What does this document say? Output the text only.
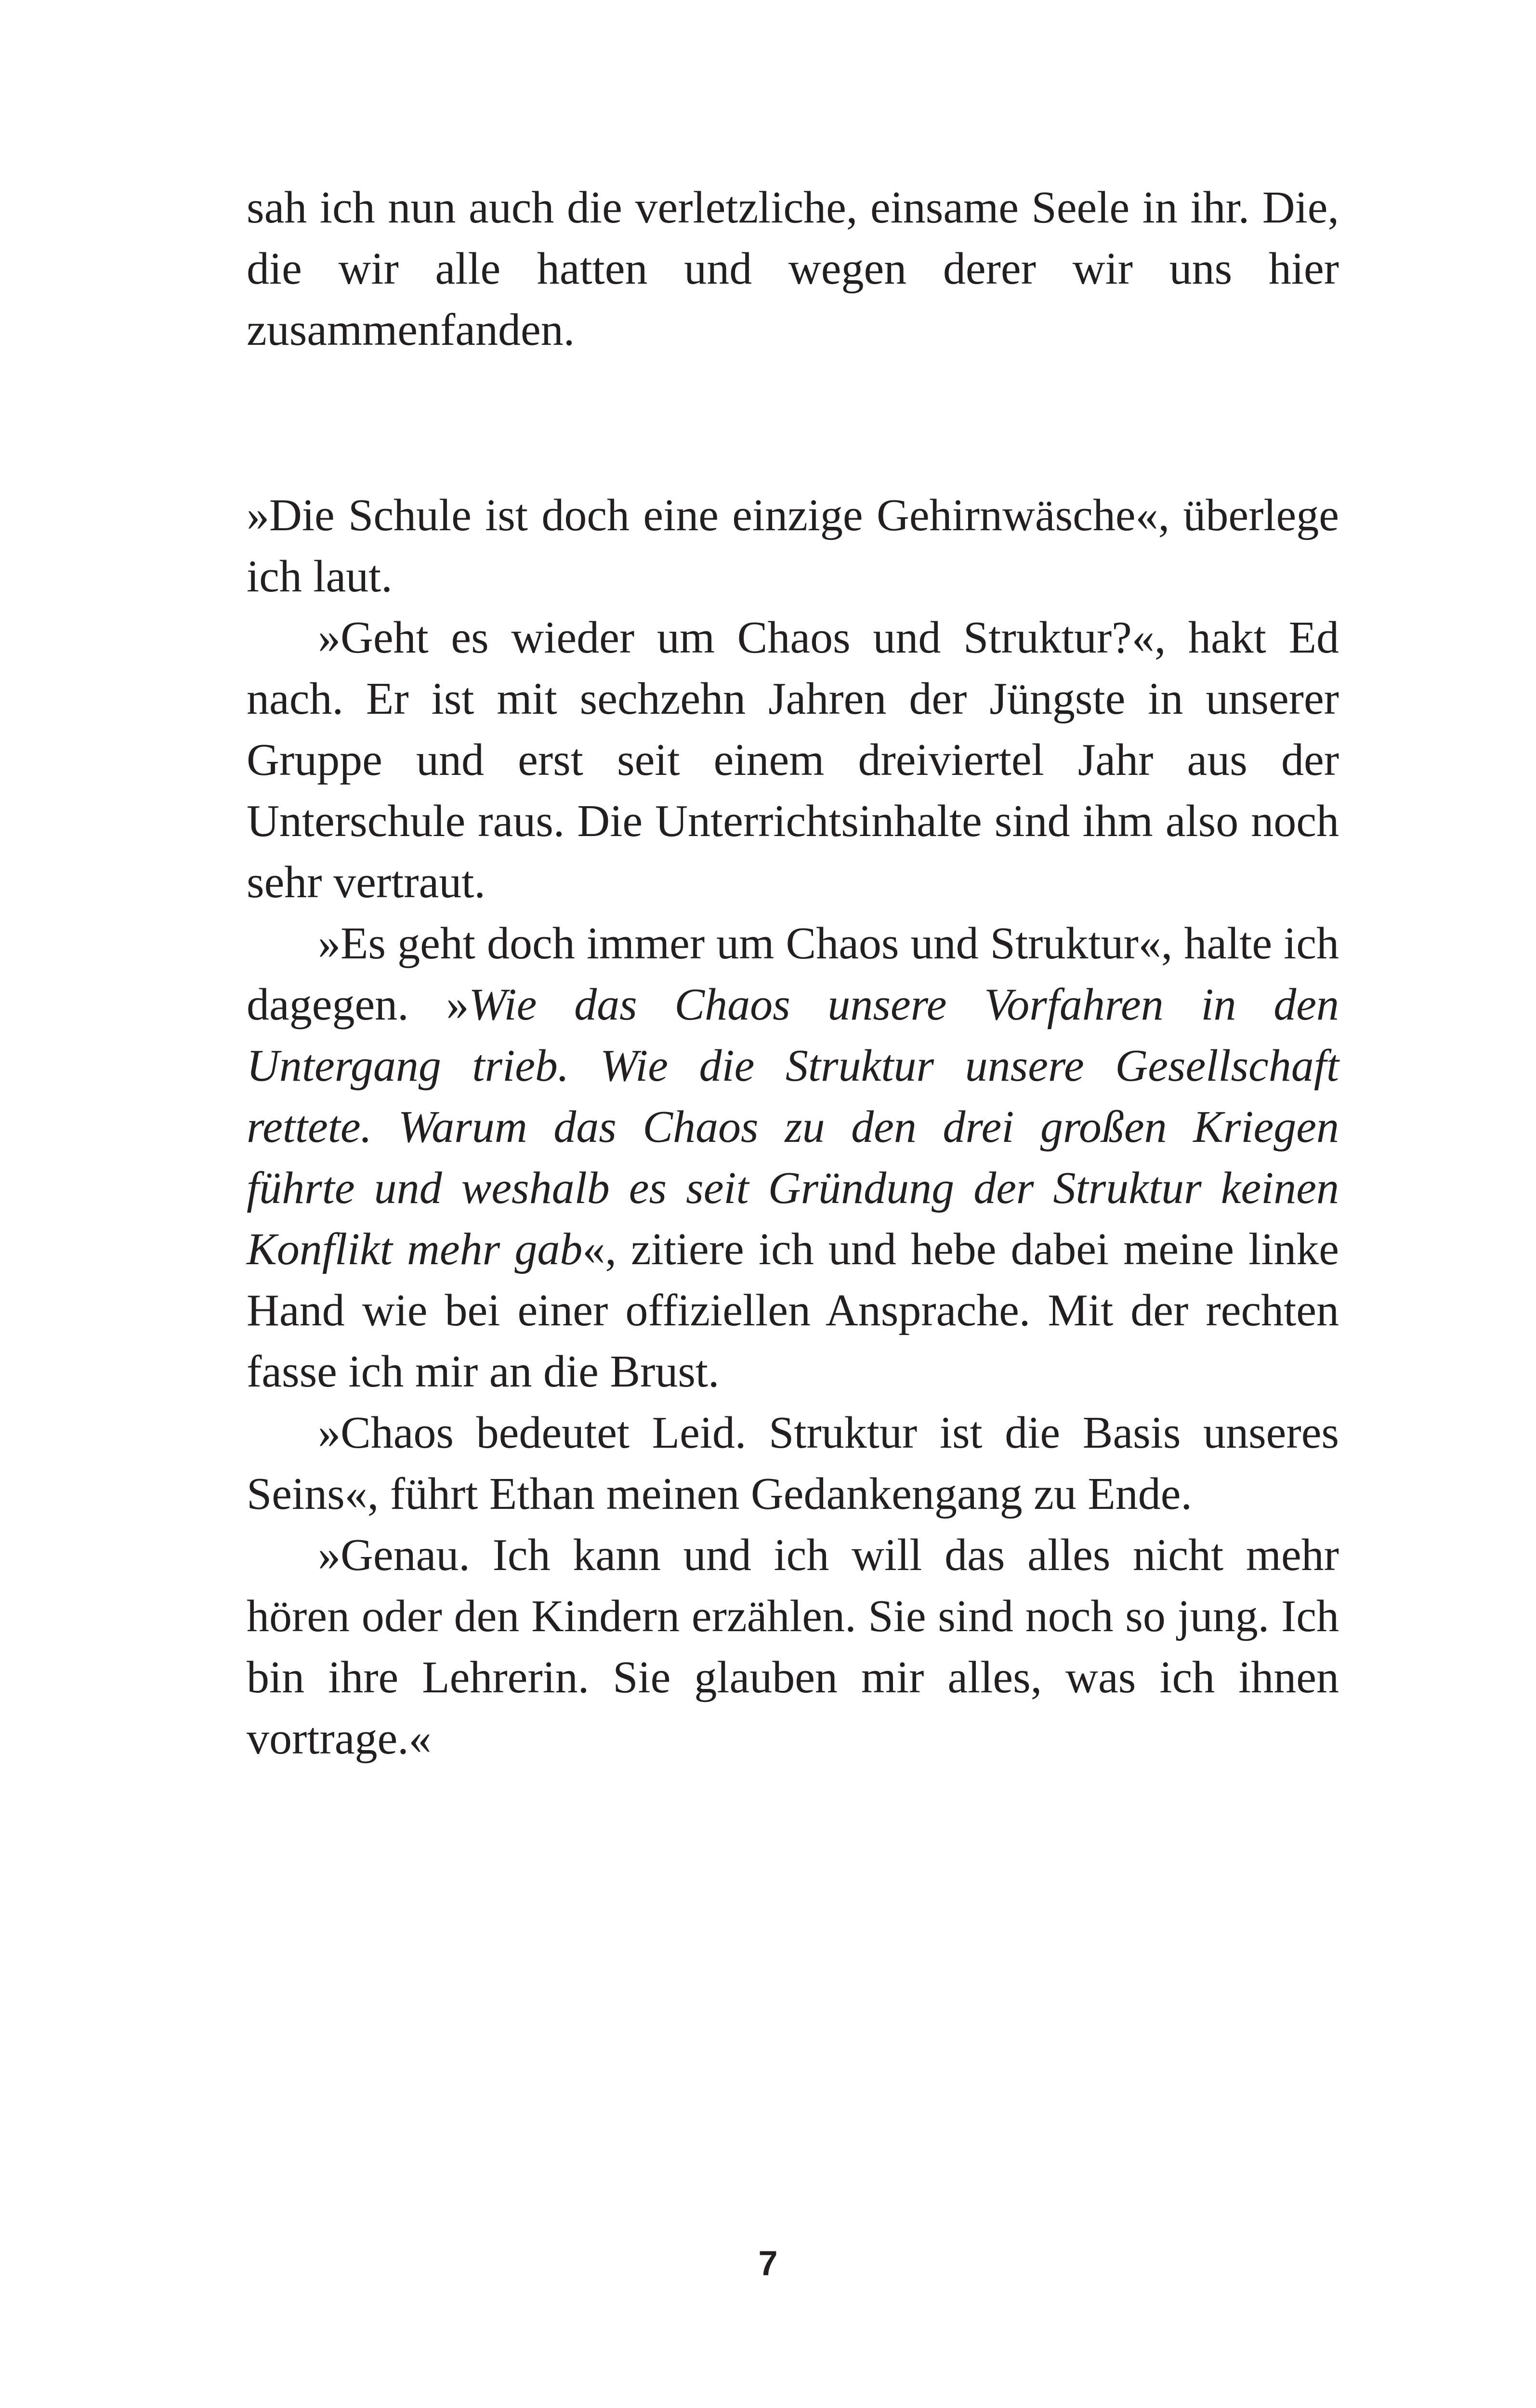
sah ich nun auch die verletzliche, einsame Seele in ihr. Die, die wir alle hatten und wegen derer wir uns hier zusammenfanden.

»Die Schule ist doch eine einzige Gehirnwäsche«, überlege ich laut.

»Geht es wieder um Chaos und Struktur?«, hakt Ed nach. Er ist mit sechzehn Jahren der Jüngste in unserer Gruppe und erst seit einem dreiviertel Jahr aus der Unterschule raus. Die Unterrichtsinhalte sind ihm also noch sehr vertraut.

»Es geht doch immer um Chaos und Struktur«, halte ich dagegen. »Wie das Chaos unsere Vorfahren in den Untergang trieb. Wie die Struktur unsere Gesellschaft rettete. Warum das Chaos zu den drei großen Kriegen führte und weshalb es seit Gründung der Struktur keinen Konflikt mehr gab«, zitiere ich und hebe dabei meine linke Hand wie bei einer offiziellen Ansprache. Mit der rechten fasse ich mir an die Brust.

»Chaos bedeutet Leid. Struktur ist die Basis unseres Seins«, führt Ethan meinen Gedankengang zu Ende.

»Genau. Ich kann und ich will das alles nicht mehr hören oder den Kindern erzählen. Sie sind noch so jung. Ich bin ihre Lehrerin. Sie glauben mir alles, was ich ihnen vortrage.«

7
